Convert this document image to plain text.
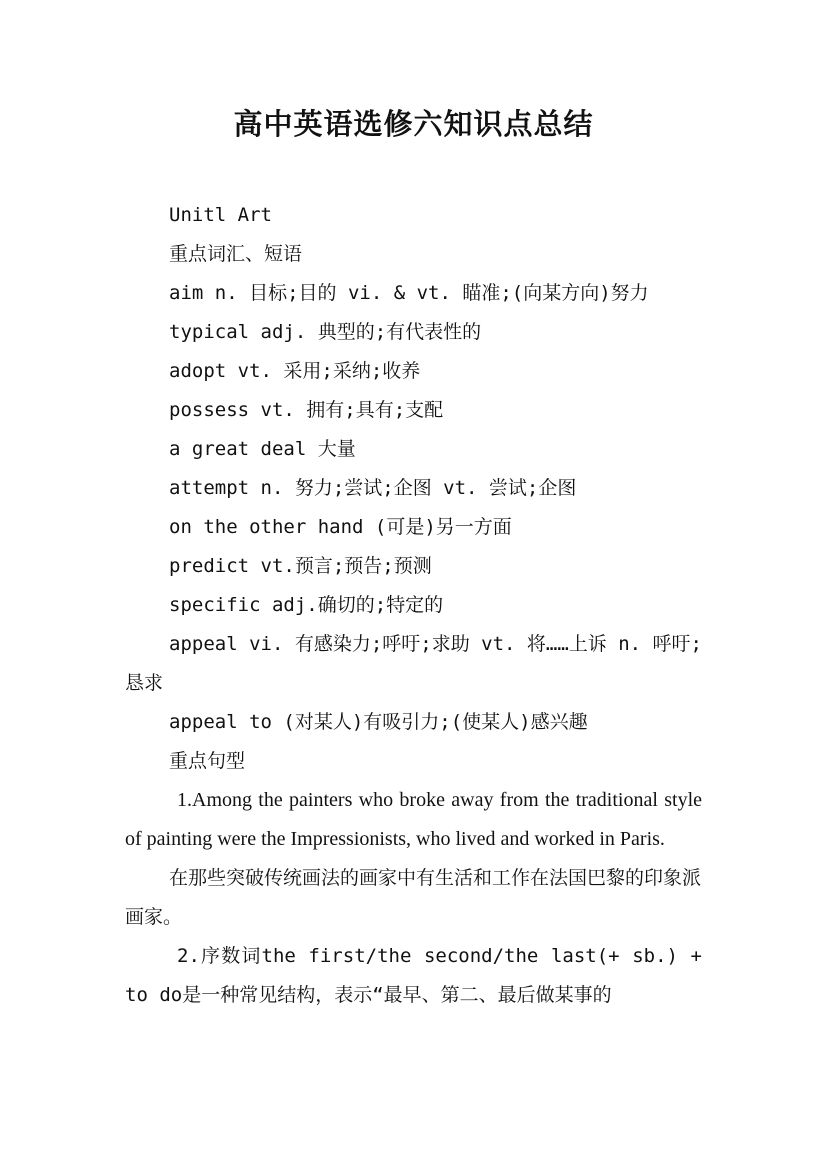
高中英语选修六知识点总结

Unitl Art

重点词汇、短语

aim n. 目标;目的 vi. & vt. 瞄准;(向某方向)努力

typical adj. 典型的;有代表性的

adopt vt. 采用;采纳;收养

possess vt. 拥有;具有;支配

a great deal 大量

attempt n. 努力;尝试;企图 vt. 尝试;企图

on the other hand (可是)另一方面

predict vt.预言;预告;预测

specific adj.确切的;特定的

appeal vi. 有感染力;呼吁;求助 vt. 将……上诉 n. 呼吁;恳求

appeal to (对某人)有吸引力;(使某人)感兴趣

重点句型

1.Among the painters who broke away from the traditional style of painting were the Impressionists, who lived and worked in Paris.

在那些突破传统画法的画家中有生活和工作在法国巴黎的印象派画家。

2.序数词the first/the second/the last(+ sb.) + to do是一种常见结构，表示“最早、第二、最后做某事的
